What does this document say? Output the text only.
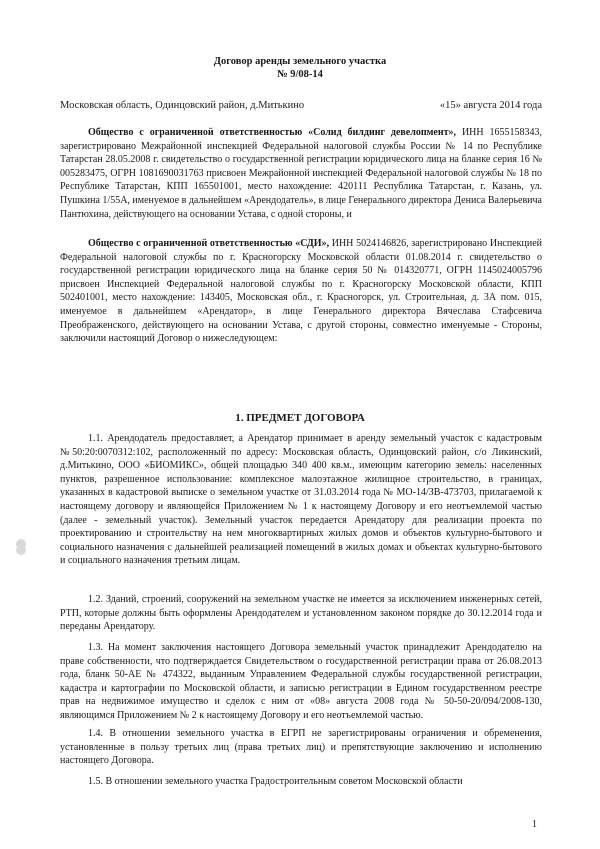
Договор аренды земельного участка
№ 9/08-14
Московская область, Одинцовский район, д.Митькино	«15» августа 2014 года

Общество с ограниченной ответственностью «Солид билдинг девелопмент», ИНН 1655158343, зарегистрировано Межрайонной инспекцией Федеральной налоговой службы России № 14 по Республике Татарстан 28.05.2008 г. свидетельство о государственной регистрации юридического лица на бланке серия 16 № 005283475, ОГРН 1081690031763 присвоен Межрайонной инспекцией Федеральной налоговой службы № 18 по Республике Татарстан, КПП 165501001, место нахождение: 420111 Республика Татарстан, г. Казань, ул. Пушкина 1/55А, именуемое в дальнейшем «Арендодатель», в лице Генерального директора Дениса Валерьевича Пантюхина, действующего на основании Устава, с одной стороны, и

Общество с ограниченной ответственностью «СДИ», ИНН 5024146826, зарегистрировано Инспекцией Федеральной налоговой службы по г. Красногорску Московской области 01.08.2014 г. свидетельство о государственной регистрации юридического лица на бланке серия 50 № 014320771, ОГРН 1145024005796 присвоен Инспекцией Федеральной налоговой службы по г. Красногорску Московской области, КПП 502401001, место нахождение: 143405, Московская обл., г. Красногорск, ул. Строительная, д. 3А пом. 015, именуемое в дальнейшем «Арендатор», в лице Генерального директора Вячеслава Стафсевича Преображенского, действующего на основании Устава, с другой стороны, совместно именуемые - Стороны, заключили настоящий Договор о нижеследующем:

1. ПРЕДМЕТ ДОГОВОРА

1.1. Арендодатель предоставляет, а Арендатор принимает в аренду земельный участок с кадастровым №50:20:0070312:102, расположенный по адресу: Московская область, Одинцовский район, с/о Ликинский, д.Митькино, ООО «БИОМИКС», общей площадью 340 400 кв.м., имеющим категорию земель: населенных пунктов, разрешенное использование: комплексное малоэтажное жилищное строительство, в границах, указанных в кадастровой выписке о земельном участке от 31.03.2014 года № МО-14/ЗВ-473703, прилагаемой к настоящему договору и являющейся Приложением № 1 к настоящему Договору и его неотъемлемой частью (далее - земельный участок). Земельный участок передается Арендатору для реализации проекта по проектированию и строительству на нем многоквартирных жилых домов и объектов культурно-бытового и социального назначения с дальнейшей реализацией помещений в жилых домах и объектах культурно-бытового и социального назначения третьим лицам.

1.2. Зданий, строений, сооружений на земельном участке не имеется за исключением инженерных сетей, РТП, которые должны быть оформлены Арендодателем и установленном законом порядке до 30.12.2014 года и переданы Арендатору.

1.3. На момент заключения настоящего Договора земельный участок принадлежит Арендодателю на праве собственности, что подтверждается Свидетельством о государственной регистрации права от 26.08.2013 года, бланк 50-АЕ № 474322, выданным Управлением Федеральной службы государственной регистрации, кадастра и картографии по Московской области, и записью регистрации в Едином государственном реестре прав на недвижимое имущество и сделок с ним от «08» августа 2008 года № 50-50-20/094/2008-130, являющимся Приложением № 2 к настоящему Договору и его неотъемлемой частью.

1.4. В отношении земельного участка в ЕГРП не зарегистрированы ограничения и обременения, установленные в пользу третьих лиц (права третьих лиц) и препятствующие заключению и исполнению настоящего Договора.

1.5. В отношении земельного участка Градостроительным советом Московской области

1
